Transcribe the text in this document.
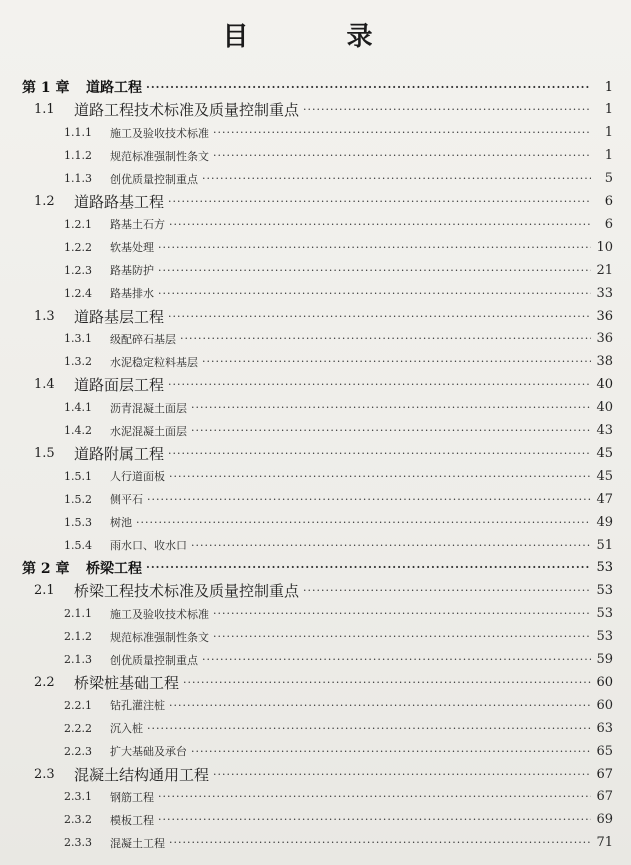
目　录
第 1 章	道路工程 ·····	1
1.1	道路工程技术标准及质量控制重点 ·····	1
1.1.1	施工及验收技术标准 ·····	1
1.1.2	规范标准强制性条文 ·····	1
1.1.3	创优质量控制重点 ·····	5
1.2	道路路基工程 ·····	6
1.2.1	路基土石方 ·····	6
1.2.2	软基处理 ·····	10
1.2.3	路基防护 ·····	21
1.2.4	路基排水 ·····	33
1.3	道路基层工程 ·····	36
1.3.1	级配碎石基层 ·····	36
1.3.2	水泥稳定粒料基层 ·····	38
1.4	道路面层工程 ·····	40
1.4.1	沥青混凝土面层 ·····	40
1.4.2	水泥混凝土面层 ·····	43
1.5	道路附属工程 ·····	45
1.5.1	人行道面板 ·····	45
1.5.2	侧平石 ·····	47
1.5.3	树池 ·····	49
1.5.4	雨水口、收水口 ·····	51
第 2 章	桥梁工程 ·····	53
2.1	桥梁工程技术标准及质量控制重点 ·····	53
2.1.1	施工及验收技术标准 ·····	53
2.1.2	规范标准强制性条文 ·····	53
2.1.3	创优质量控制重点 ·····	59
2.2	桥梁桩基础工程 ·····	60
2.2.1	钻孔灌注桩 ·····	60
2.2.2	沉入桩 ·····	63
2.2.3	扩大基础及承台 ·····	65
2.3	混凝土结构通用工程 ·····	67
2.3.1	钢筋工程 ·····	67
2.3.2	模板工程 ·····	69
2.3.3	混凝土工程 ·····	71
